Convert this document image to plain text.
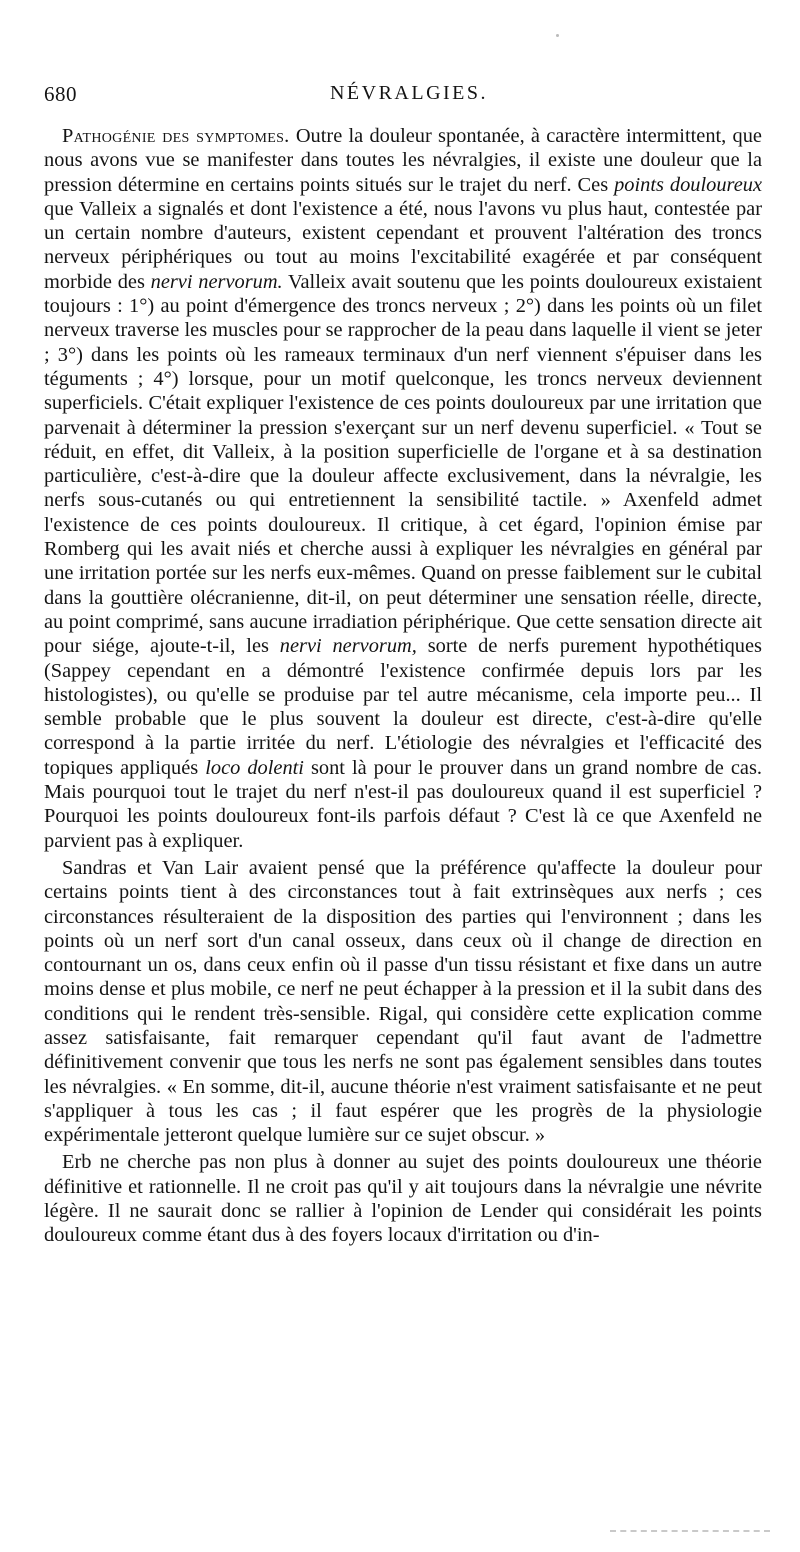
680	NÉVRALGIES.

Pathogénie des symptomes. Outre la douleur spontanée, à caractère intermittent, que nous avons vue se manifester dans toutes les névralgies, il existe une douleur que la pression détermine en certains points situés sur le trajet du nerf. Ces points douloureux que Valleix a signalés et dont l'existence a été, nous l'avons vu plus haut, contestée par un certain nombre d'auteurs, existent cependant et prouvent l'altération des troncs nerveux périphériques ou tout au moins l'excitabilité exagérée et par conséquent morbide des nervi nervorum. Valleix avait soutenu que les points douloureux existaient toujours : 1°) au point d'émergence des troncs nerveux ; 2°) dans les points où un filet nerveux traverse les muscles pour se rapprocher de la peau dans laquelle il vient se jeter ; 3°) dans les points où les rameaux terminaux d'un nerf viennent s'épuiser dans les téguments ; 4°) lorsque, pour un motif quelconque, les troncs nerveux deviennent superficiels. C'était expliquer l'existence de ces points douloureux par une irritation que parvenait à déterminer la pression s'exerçant sur un nerf devenu superficiel. « Tout se réduit, en effet, dit Valleix, à la position superficielle de l'organe et à sa destination particulière, c'est-à-dire que la douleur affecte exclusivement, dans la névralgie, les nerfs sous-cutanés ou qui entretiennent la sensibilité tactile. » Axenfeld admet l'existence de ces points douloureux. Il critique, à cet égard, l'opinion émise par Romberg qui les avait niés et cherche aussi à expliquer les névralgies en général par une irritation portée sur les nerfs eux-mêmes. Quand on presse faiblement sur le cubital dans la gouttière olécranienne, dit-il, on peut déterminer une sensation réelle, directe, au point comprimé, sans aucune irradiation périphérique. Que cette sensation directe ait pour siége, ajoute-t-il, les nervi nervorum, sorte de nerfs purement hypothétiques (Sappey cependant en a démontré l'existence confirmée depuis lors par les histologistes), ou qu'elle se produise par tel autre mécanisme, cela importe peu... Il semble probable que le plus souvent la douleur est directe, c'est-à-dire qu'elle correspond à la partie irritée du nerf. L'étiologie des névralgies et l'efficacité des topiques appliqués loco dolenti sont là pour le prouver dans un grand nombre de cas. Mais pourquoi tout le trajet du nerf n'est-il pas douloureux quand il est superficiel ? Pourquoi les points douloureux font-ils parfois défaut ? C'est là ce que Axenfeld ne parvient pas à expliquer.

Sandras et Van Lair avaient pensé que la préférence qu'affecte la douleur pour certains points tient à des circonstances tout à fait extrinsèques aux nerfs ; ces circonstances résulteraient de la disposition des parties qui l'environnent ; dans les points où un nerf sort d'un canal osseux, dans ceux où il change de direction en contournant un os, dans ceux enfin où il passe d'un tissu résistant et fixe dans un autre moins dense et plus mobile, ce nerf ne peut échapper à la pression et il la subit dans des conditions qui le rendent très-sensible. Rigal, qui considère cette explication comme assez satisfaisante, fait remarquer cependant qu'il faut avant de l'admettre définitivement convenir que tous les nerfs ne sont pas également sensibles dans toutes les névralgies. « En somme, dit-il, aucune théorie n'est vraiment satisfaisante et ne peut s'appliquer à tous les cas ; il faut espérer que les progrès de la physiologie expérimentale jetteront quelque lumière sur ce sujet obscur. »

Erb ne cherche pas non plus à donner au sujet des points douloureux une théorie définitive et rationnelle. Il ne croit pas qu'il y ait toujours dans la névralgie une névrite légère. Il ne saurait donc se rallier à l'opinion de Lender qui considérait les points douloureux comme étant dus à des foyers locaux d'irritation ou d'in-
